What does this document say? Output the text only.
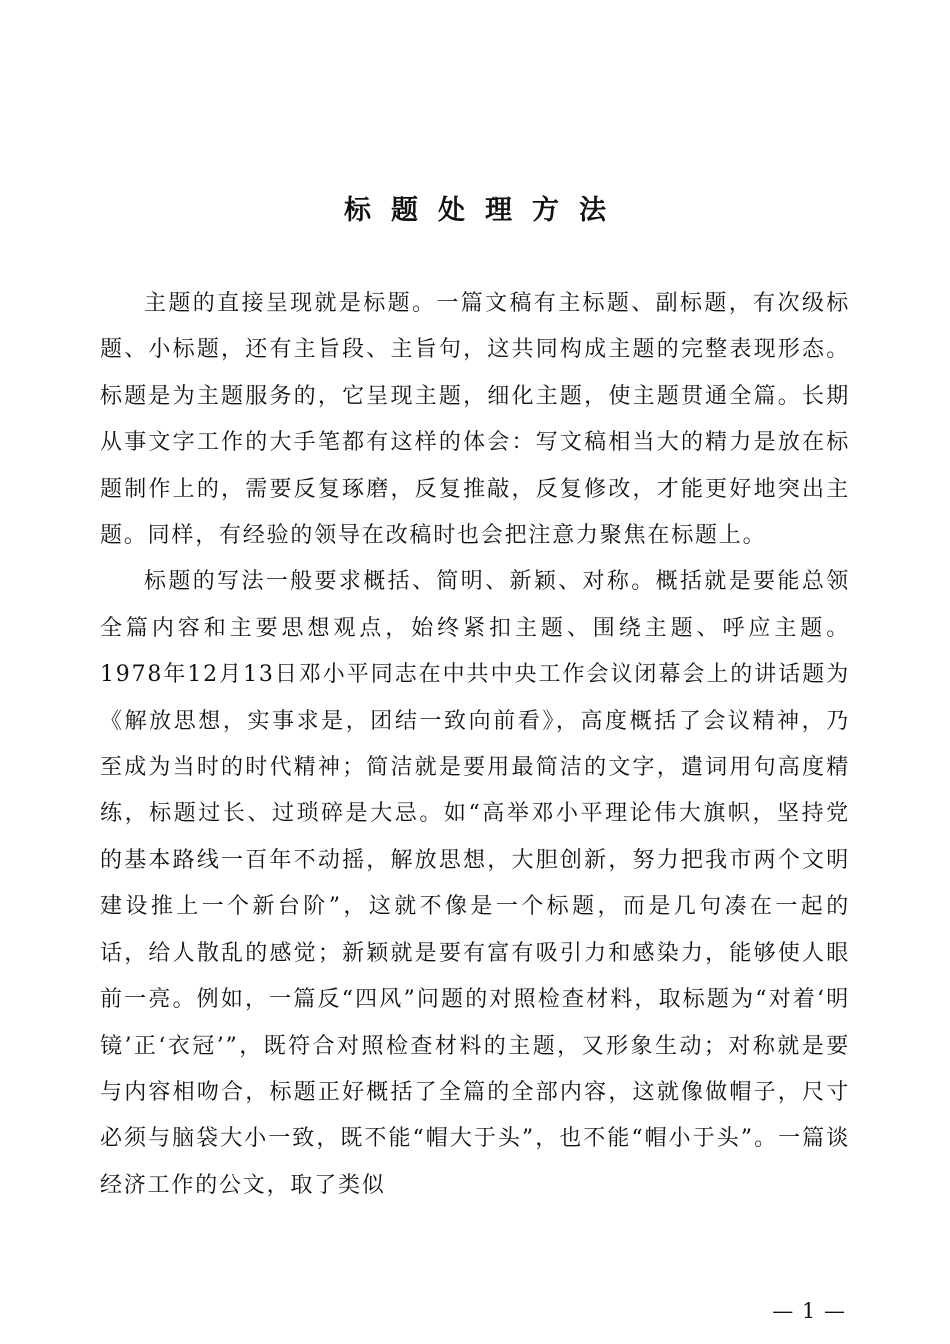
标题处理方法

主题的直接呈现就是标题。一篇文稿有主标题、副标题，有次级标题、小标题，还有主旨段、主旨句，这共同构成主题的完整表现形态。标题是为主题服务的，它呈现主题，细化主题，使主题贯通全篇。长期从事文字工作的大手笔都有这样的体会：写文稿相当大的精力是放在标题制作上的，需要反复琢磨，反复推敲，反复修改，才能更好地突出主题。同样，有经验的领导在改稿时也会把注意力聚焦在标题上。

标题的写法一般要求概括、简明、新颖、对称。概括就是要能总领全篇内容和主要思想观点，始终紧扣主题、围绕主题、呼应主题。1978年12月13日邓小平同志在中共中央工作会议闭幕会上的讲话题为《解放思想，实事求是，团结一致向前看》，高度概括了会议精神，乃至成为当时的时代精神；简洁就是要用最简洁的文字，遣词用句高度精练，标题过长、过琐碎是大忌。如“高举邓小平理论伟大旗帜，坚持党的基本路线一百年不动摇，解放思想，大胆创新，努力把我市两个文明建设推上一个新台阶”，这就不像是一个标题，而是几句凑在一起的话，给人散乱的感觉；新颖就是要有富有吸引力和感染力，能够使人眼前一亮。例如，一篇反“四风”问题的对照检查材料，取标题为“对着‘明镜’正‘衣冠’”，既符合对照检查材料的主题，又形象生动；对称就是要与内容相吻合，标题正好概括了全篇的全部内容，这就像做帽子，尺寸必须与脑袋大小一致，既不能“帽大于头”，也不能“帽小于头”。一篇谈经济工作的公文，取了类似

— 1 —
